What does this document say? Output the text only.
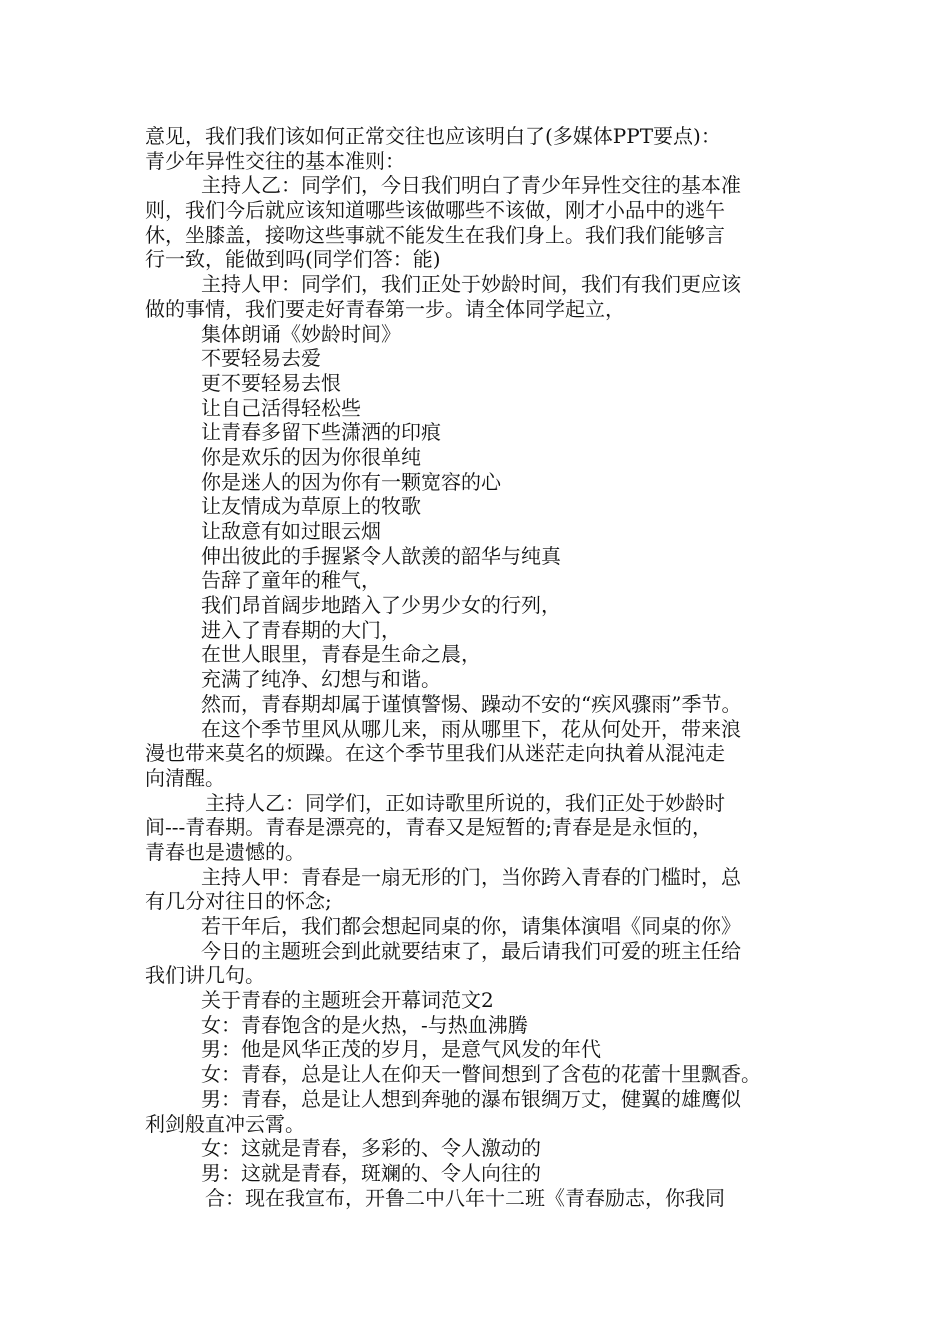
意见，我们我们该如何正常交往也应该明白了(多媒体PPT要点)：
青少年异性交往的基本准则：
主持人乙：同学们，今日我们明白了青少年异性交往的基本准
则，我们今后就应该知道哪些该做哪些不该做，刚才小品中的逃午
休，坐膝盖，接吻这些事就不能发生在我们身上。我们我们能够言
行一致，能做到吗(同学们答：能)
主持人甲：同学们，我们正处于妙龄时间，我们有我们更应该
做的事情，我们要走好青春第一步。请全体同学起立，
集体朗诵《妙龄时间》
不要轻易去爱
更不要轻易去恨
让自己活得轻松些
让青春多留下些潇洒的印痕
你是欢乐的因为你很单纯
你是迷人的因为你有一颗宽容的心
让友情成为草原上的牧歌
让敌意有如过眼云烟
伸出彼此的手握紧令人歆羡的韶华与纯真
告辞了童年的稚气，
我们昂首阔步地踏入了少男少女的行列，
进入了青春期的大门，
在世人眼里，青春是生命之晨，
充满了纯净、幻想与和谐。
然而，青春期却属于谨慎警惕、躁动不安的“疾风骤雨”季节。
在这个季节里风从哪儿来，雨从哪里下，花从何处开，带来浪
漫也带来莫名的烦躁。在这个季节里我们从迷茫走向执着从混沌走
向清醒。
主持人乙：同学们，正如诗歌里所说的，我们正处于妙龄时
间---青春期。青春是漂亮的，青春又是短暂的;青春是是永恒的，
青春也是遗憾的。
主持人甲：青春是一扇无形的门，当你跨入青春的门槛时，总
有几分对往日的怀念;
若干年后，我们都会想起同桌的你，请集体演唱《同桌的你》
今日的主题班会到此就要结束了，最后请我们可爱的班主任给
我们讲几句。
关于青春的主题班会开幕词范文2
女：青春饱含的是火热，-与热血沸腾
男：他是风华正茂的岁月，是意气风发的年代
女：青春，总是让人在仰天一瞥间想到了含苞的花蕾十里飘香。
男：青春，总是让人想到奔驰的瀑布银绸万丈，健翼的雄鹰似
利剑般直冲云霄。
女：这就是青春，多彩的、令人激动的
男：这就是青春，斑斓的、令人向往的
合：现在我宣布，开鲁二中八年十二班《青春励志，你我同
